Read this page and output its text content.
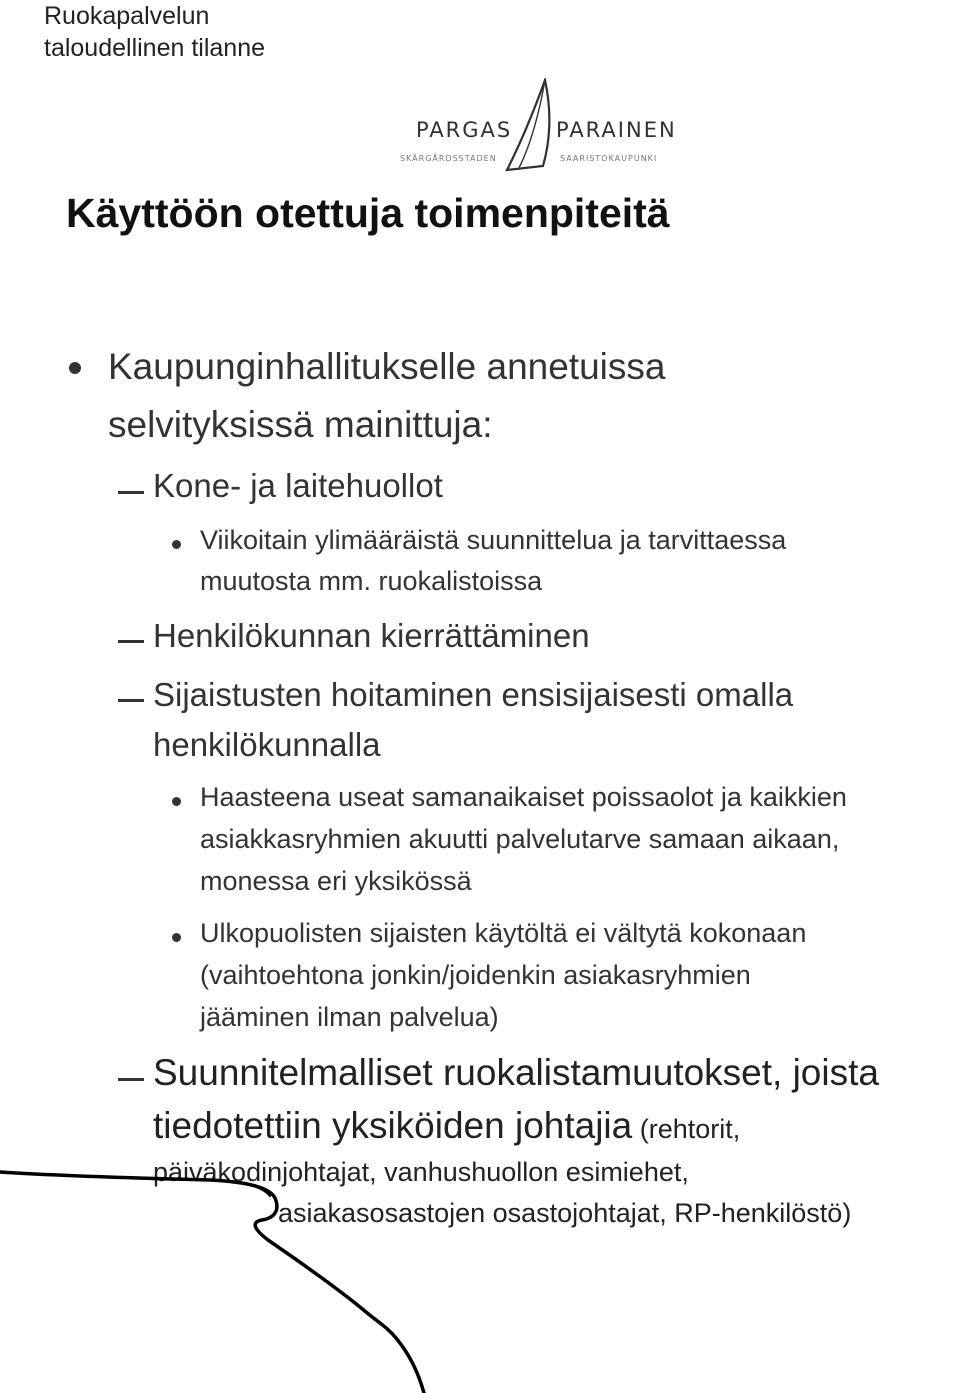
Ruokapalvelun
taloudellinen tilanne
PARGAS PARAINEN
SKÄRGÅRDSSTADEN	SAARISTOKAUPUNKI
Käyttöön otettuja toimenpiteitä
Kaupunginhallitukselle annetuissa
selvityksissä mainittuja:
Kone- ja laitehuollot
Viikoitain ylimääräistä suunnittelua ja tarvittaessa
muutosta mm. ruokalistoissa
Henkilökunnan kierrättäminen
Sijaistusten hoitaminen ensisijaisesti omalla
henkilökunnalla
Haasteena useat samanaikaiset poissaolot ja kaikkien
asiakkasryhmien akuutti palvelutarve samaan aikaan,
monessa eri yksikössä
Ulkopuolisten sijaisten käytöltä ei vältytä kokonaan
(vaihtoehtona jonkin/joidenkin asiakasryhmien
jääminen ilman palvelua)
Suunnitelmalliset ruokalistamuutokset, joista
tiedotettiin yksiköiden johtajia (rehtorit,
päiväkodinjohtajat, vanhushuollon esimiehet,
asiakasosastojen osastojohtajat, RP-henkilöstö)
